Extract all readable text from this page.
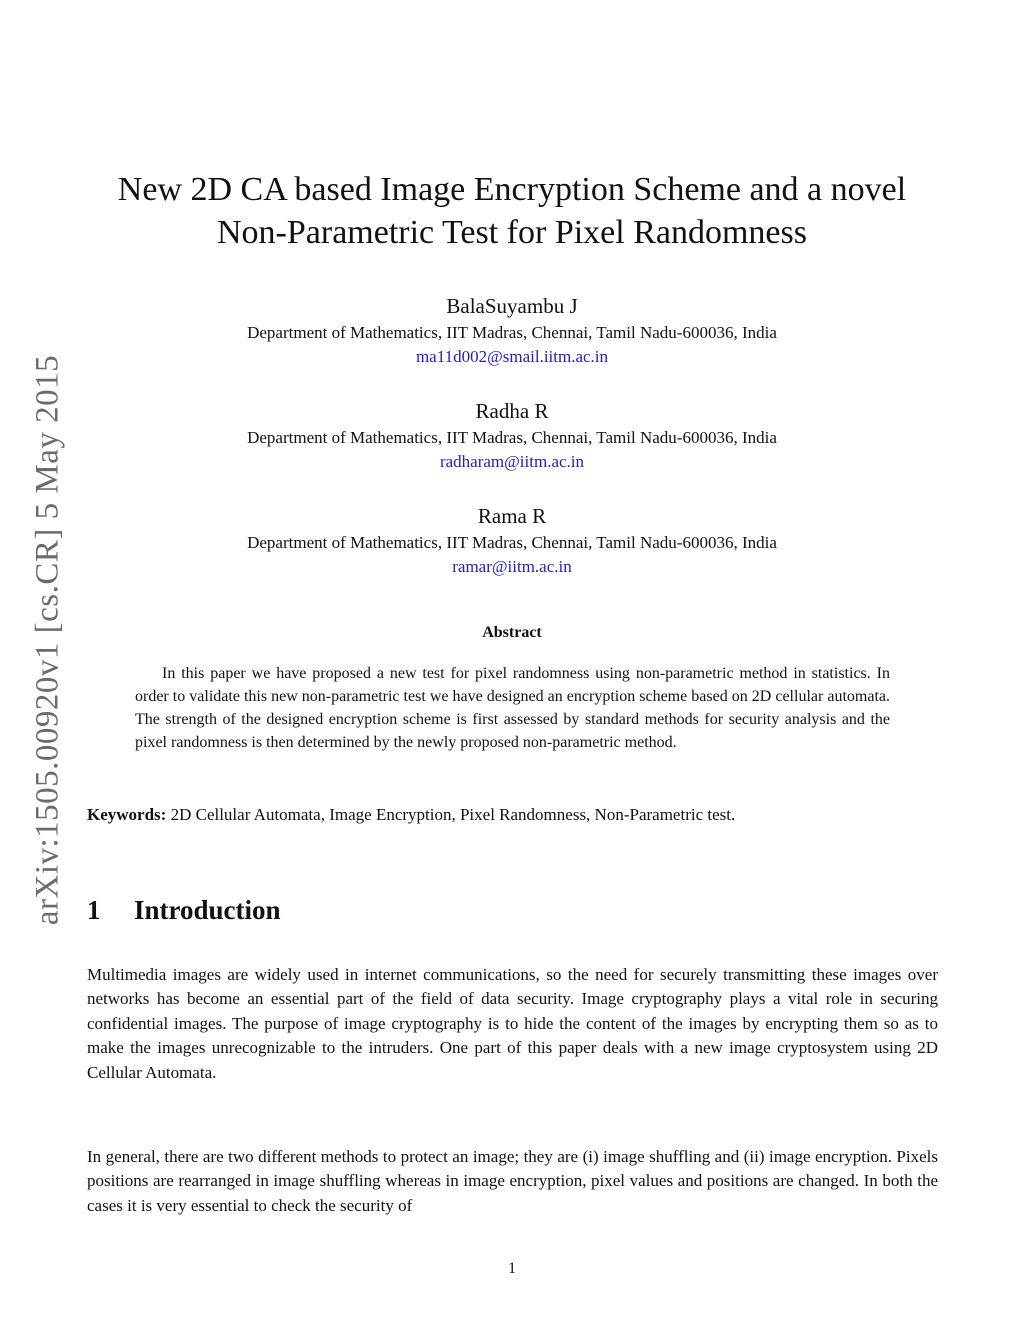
arXiv:1505.00920v1 [cs.CR] 5 May 2015
New 2D CA based Image Encryption Scheme and a novel
Non-Parametric Test for Pixel Randomness
BalaSuyambu J
Department of Mathematics, IIT Madras, Chennai, Tamil Nadu-600036, India
ma11d002@smail.iitm.ac.in
Radha R
Department of Mathematics, IIT Madras, Chennai, Tamil Nadu-600036, India
radharam@iitm.ac.in
Rama R
Department of Mathematics, IIT Madras, Chennai, Tamil Nadu-600036, India
ramar@iitm.ac.in
Abstract

In this paper we have proposed a new test for pixel randomness using non-parametric method in statistics. In order to validate this new non-parametric test we have designed an encryption scheme based on 2D cellular automata. The strength of the designed encryption scheme is first assessed by standard methods for security analysis and the pixel randomness is then determined by the newly proposed non-parametric method.

Keywords: 2D Cellular Automata, Image Encryption, Pixel Randomness, Non-Parametric test.

1 Introduction

Multimedia images are widely used in internet communications, so the need for securely transmitting these images over networks has become an essential part of the field of data security. Image cryptography plays a vital role in securing confidential images. The purpose of image cryptography is to hide the content of the images by encrypting them so as to make the images unrecognizable to the intruders. One part of this paper deals with a new image cryptosystem using 2D Cellular Automata.

In general, there are two different methods to protect an image; they are (i) image shuffling and (ii) image encryption. Pixels positions are rearranged in image shuffling whereas in image encryption, pixel values and positions are changed. In both the cases it is very essential to check the security of

1
